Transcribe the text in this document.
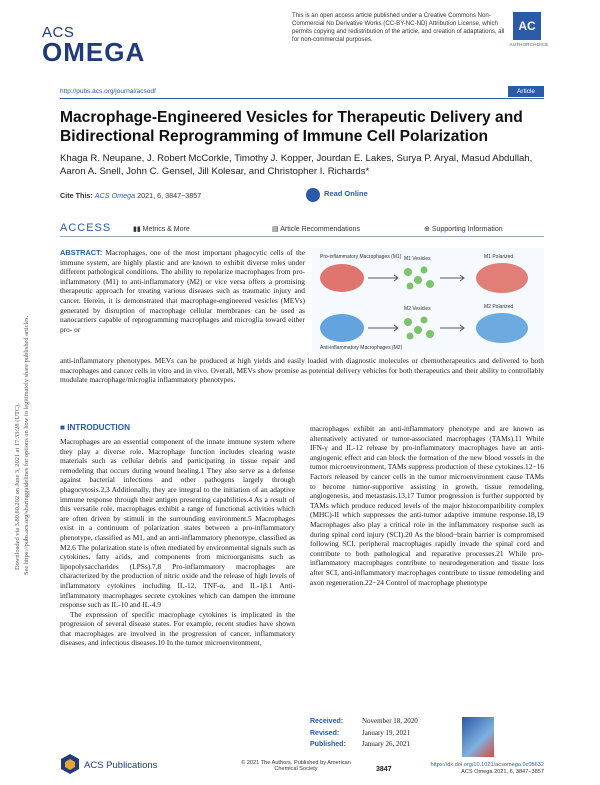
ACS
OMEGA
This is an open access article published under a Creative Commons Non-Commercial No Derivative Works (CC-BY-NC-ND) Attribution License, which permits copying and redistribution of the article, and creation of adaptations, all for non-commercial purposes.
AC
AUTHORCHOICE
http://pubs.acs.org/journal/acsodf	Article
Macrophage-Engineered Vesicles for Therapeutic Delivery and Bidirectional Reprogramming of Immune Cell Polarization
Khaga R. Neupane, J. Robert McCorkle, Timothy J. Kopper, Jourdan E. Lakes, Surya P. Aryal, Masud Abdullah, Aaron A. Snell, John C. Gensel, Jill Kolesar, and Christopher I. Richards*
Cite This: ACS Omega 2021, 6, 3847−3857	Read Online
ACCESS	▮▮ Metrics & More	▤ Article Recommendations	⊕ Supporting Information
ABSTRACT: Macrophages, one of the most important phagocytic cells of the immune system, are highly plastic and are known to exhibit diverse roles under different pathological conditions. The ability to repolarize macrophages from pro-inflammatory (M1) to anti-inflammatory (M2) or vice versa offers a promising therapeutic approach for treating various diseases such as traumatic injury and cancer. Herein, it is demonstrated that macrophage-engineered vesicles (MEVs) generated by disruption of macrophage cellular membranes can be used as nanocarriers capable of reprogramming macrophages and microglia toward either pro- or
Pro-inflammatory Macrophages (M1)
Anti-inflammatory Macrophages (M2)
M1 Vesicles
M2 Vesicles
M1 Polarized
M2 Polarized
anti-inflammatory phenotypes. MEVs can be produced at high yields and easily loaded with diagnostic molecules or chemotherapeutics and delivered to both macrophages and cancer cells in vitro and in vivo. Overall, MEVs show promise as potential delivery vehicles for both therapeutics and their ability to controllably modulate macrophage/microglia inflammatory phenotypes.
Downloaded via 3.80.60.202 on June 3, 2021 at 17:33:28 (UTC). See https://pubs.acs.org/sharingguidelines for options on how to legitimately share published articles.	■ INTRODUCTION

Macrophages are an essential component of the innate immune system where they play a diverse role. Macrophage function includes clearing waste materials such as cellular debris and participating in tissue repair and remodeling that occurs during wound healing.1 They also serve as a defense against bacterial infections and other pathogens largely through phagocytosis.2,3 Additionally, they are integral to the initiation of an adaptive immune response through their antigen presenting capabilities.4 As a result of this versatile role, macrophages exhibit a range of functional activities which are often driven by stimuli in the surrounding environment.5 Macrophages exist in a continuum of polarization states between a pro-inflammatory phenotype, classified as M1, and an anti-inflammatory phenotype, classified as M2.6 The polarization state is often mediated by environmental signals such as cytokines, fatty acids, and components from microorganisms such as lipopolysaccharides (LPSs).7,8 Pro-inflammatory macrophages are characterized by the production of nitric oxide and the release of high levels of inflammatory cytokines including IL-12, TNF-α, and IL-1β.1 Anti-inflammatory macrophages secrete cytokines which can dampen the immune response such as IL-10 and IL-4.9

The expression of specific macrophage cytokines is implicated in the progression of several disease states. For example, recent studies have shown that macrophages are involved in the progression of cancer, inflammatory diseases, and infectious diseases.10 In the tumor microenvironment,

macrophages exhibit an anti-inflammatory phenotype and are known as alternatively activated or tumor-associated macrophages (TAMs).11 While IFN-γ and IL-12 release by pro-inflammatory macrophages have an anti-angiogenic effect and can block the formation of the new blood vessels in the tumor microenvironment, TAMs suppress production of these cytokines.12−16 Factors released by cancer cells in the tumor microenvironment cause TAMs to become tumor-supportive assisting in growth, tissue remodeling, angiogenesis, and metastasis.13,17 Tumor progression is further supported by TAMs which produce reduced levels of the major histocompatibility complex (MHC)-II which suppresses the anti-tumor adaptive immune response.18,19 Macrophages also play a critical role in the inflammatory response such as during spinal cord injury (SCI).20 As the blood−brain barrier is compromised following SCI, peripheral macrophages rapidly invade the spinal cord and contribute to both pathological and reparative processes.21 While pro-inflammatory macrophages contribute to neurodegeneration and tissue loss after SCI, anti-inflammatory macrophages contribute to tissue remodeling and axon regeneration.22−24 Control of macrophage phenotype

Received:	November 18, 2020
Revised:	January 19, 2021
Published: January 26, 2021
ACS Publications	© 2021 The Authors. Published by American Chemical Society	3847
https://dx.doi.org/10.1021/acsomega.0c05632
ACS Omega 2021, 6, 3847−3857
